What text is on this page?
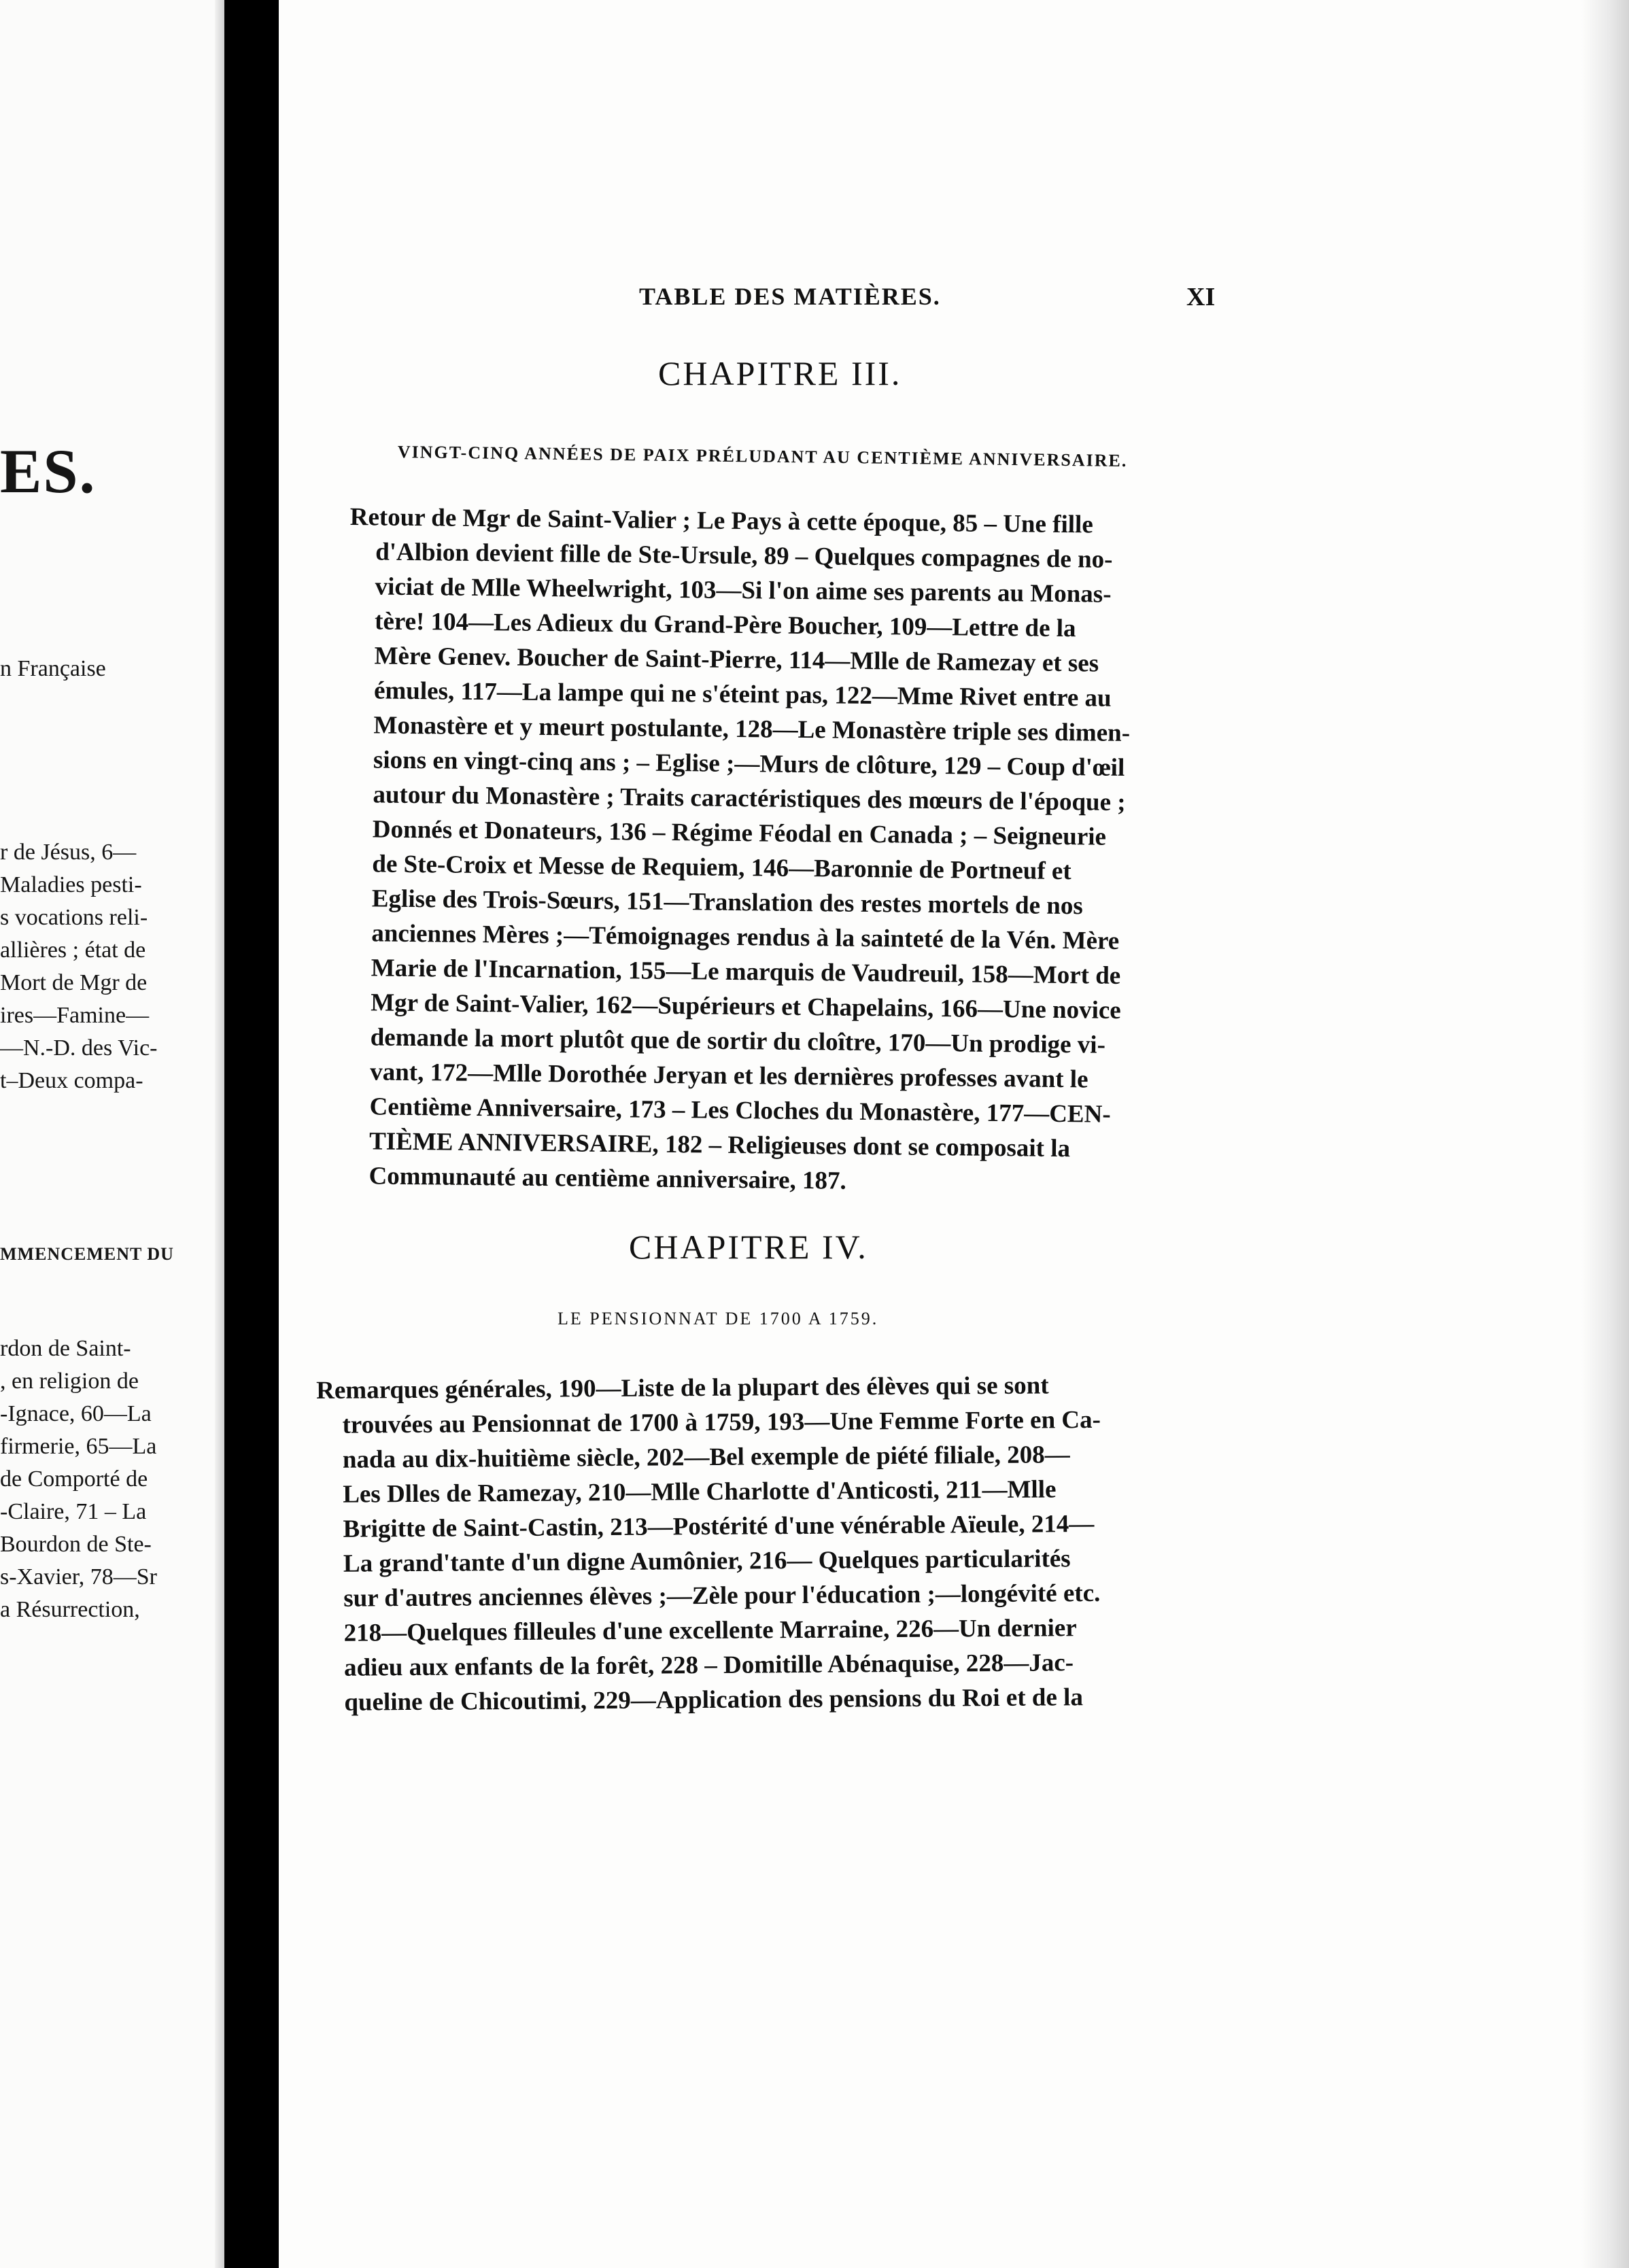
ES.
n Française
r de Jésus, 6—
Maladies pesti-
s vocations reli-
allières ; état de
Mort de Mgr de
ires—Famine—
—N.-D. des Vic-
t–Deux compa-
MMENCEMENT DU
rdon de Saint-
, en religion de
-Ignace, 60—La
firmerie, 65—La
de Comporté de
-Claire, 71 – La
Bourdon de Ste-
s-Xavier, 78—Sr
a Résurrection,
TABLE DES MATIÈRES.	XI
CHAPITRE III.
VINGT-CINQ ANNÉES DE PAIX PRÉLUDANT AU CENTIÈME ANNIVERSAIRE.
Retour de Mgr de Saint-Valier ; Le Pays à cette époque, 85 – Une fille
d'Albion devient fille de Ste-Ursule, 89 – Quelques compagnes de no-
viciat de Mlle Wheelwright, 103—Si l'on aime ses parents au Monas-
tère! 104—Les Adieux du Grand-Père Boucher, 109—Lettre de la
Mère Genev. Boucher de Saint-Pierre, 114—Mlle de Ramezay et ses
émules, 117—La lampe qui ne s'éteint pas, 122—Mme Rivet entre au
Monastère et y meurt postulante, 128—Le Monastère triple ses dimen-
sions en vingt-cinq ans ; – Eglise ;—Murs de clôture, 129 – Coup d'œil
autour du Monastère ; Traits caractéristiques des mœurs de l'époque ;
Donnés et Donateurs, 136 – Régime Féodal en Canada ; – Seigneurie
de Ste-Croix et Messe de Requiem, 146—Baronnie de Portneuf et
Eglise des Trois-Sœurs, 151—Translation des restes mortels de nos
anciennes Mères ;—Témoignages rendus à la sainteté de la Vén. Mère
Marie de l'Incarnation, 155—Le marquis de Vaudreuil, 158—Mort de
Mgr de Saint-Valier, 162—Supérieurs et Chapelains, 166—Une novice
demande la mort plutôt que de sortir du cloître, 170—Un prodige vi-
vant, 172—Mlle Dorothée Jeryan et les dernières professes avant le
Centième Anniversaire, 173 – Les Cloches du Monastère, 177—CEN-
TIÈME ANNIVERSAIRE, 182 – Religieuses dont se composait la
Communauté au centième anniversaire, 187.
CHAPITRE IV.
LE PENSIONNAT DE 1700 A 1759.
Remarques générales, 190—Liste de la plupart des élèves qui se sont
trouvées au Pensionnat de 1700 à 1759, 193—Une Femme Forte en Ca-
nada au dix-huitième siècle, 202—Bel exemple de piété filiale, 208—
Les Dlles de Ramezay, 210—Mlle Charlotte d'Anticosti, 211—Mlle
Brigitte de Saint-Castin, 213—Postérité d'une vénérable Aïeule, 214—
La grand'tante d'un digne Aumônier, 216— Quelques particularités
sur d'autres anciennes élèves ;—Zèle pour l'éducation ;—longévité etc.
218—Quelques filleules d'une excellente Marraine, 226—Un dernier
adieu aux enfants de la forêt, 228 – Domitille Abénaquise, 228—Jac-
queline de Chicoutimi, 229—Application des pensions du Roi et de la
